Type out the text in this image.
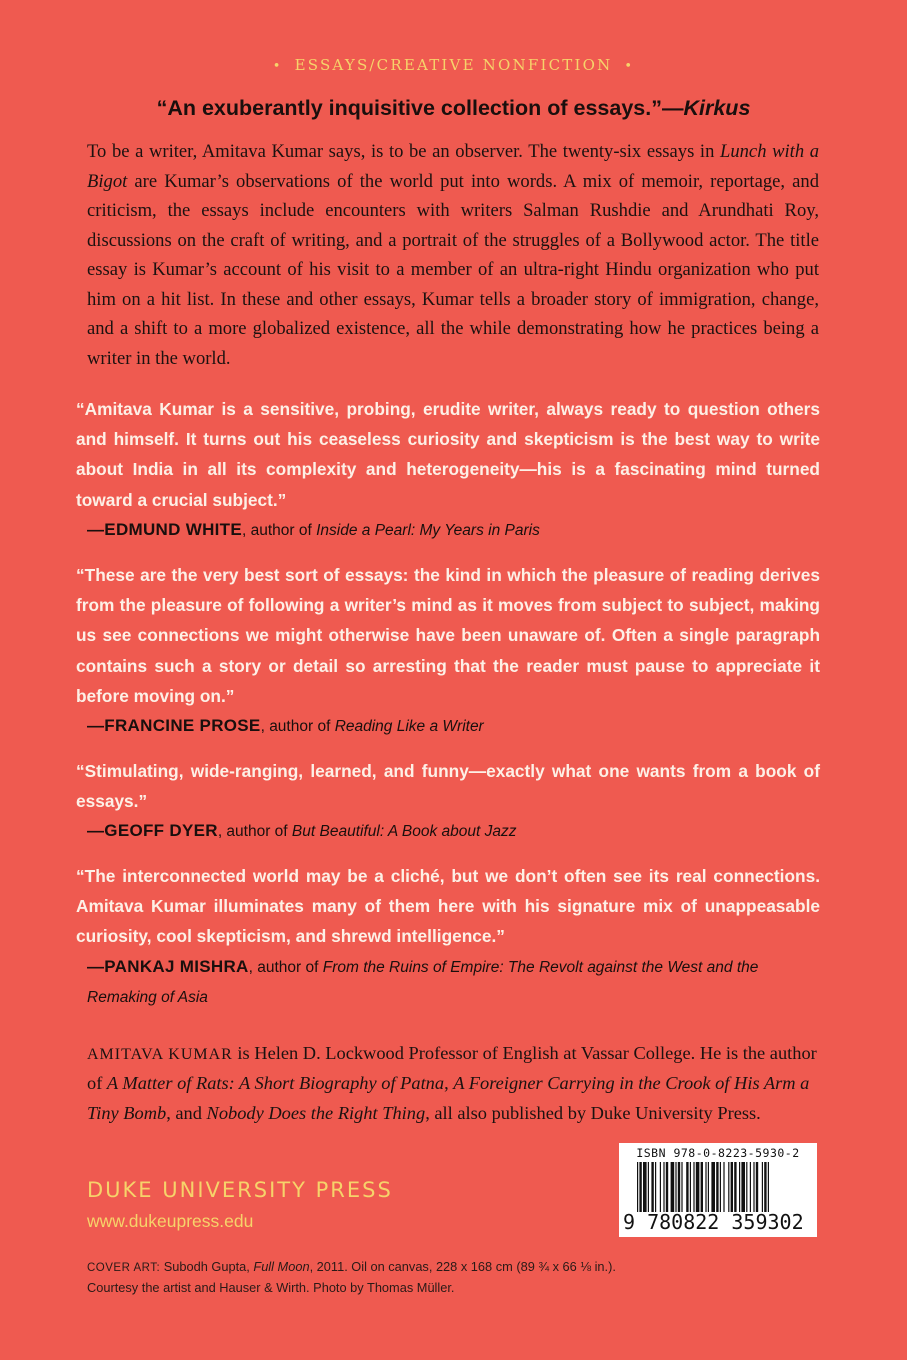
• ESSAYS/CREATIVE NONFICTION •
“An exuberantly inquisitive collection of essays.”—Kirkus
To be a writer, Amitava Kumar says, is to be an observer. The twenty-six essays in Lunch with a Bigot are Kumar’s observations of the world put into words. A mix of memoir, reportage, and criticism, the essays include encounters with writers Salman Rushdie and Arundhati Roy, discussions on the craft of writing, and a portrait of the struggles of a Bollywood actor. The title essay is Kumar’s account of his visit to a member of an ultra-right Hindu organization who put him on a hit list. In these and other essays, Kumar tells a broader story of immigration, change, and a shift to a more globalized existence, all the while demonstrating how he practices being a writer in the world.
“Amitava Kumar is a sensitive, probing, erudite writer, always ready to question others and himself. It turns out his ceaseless curiosity and skepticism is the best way to write about India in all its complexity and heterogeneity—his is a fascinating mind turned toward a crucial subject.”
—EDMUND WHITE, author of Inside a Pearl: My Years in Paris
“These are the very best sort of essays: the kind in which the pleasure of reading derives from the pleasure of following a writer’s mind as it moves from subject to subject, making us see connections we might otherwise have been unaware of. Often a single paragraph contains such a story or detail so arresting that the reader must pause to appreciate it before moving on.”
—FRANCINE PROSE, author of Reading Like a Writer
“Stimulating, wide-ranging, learned, and funny—exactly what one wants from a book of essays.”
—GEOFF DYER, author of But Beautiful: A Book about Jazz
“The interconnected world may be a cliché, but we don’t often see its real connections. Amitava Kumar illuminates many of them here with his signature mix of unappeasable curiosity, cool skepticism, and shrewd intelligence.”
—PANKAJ MISHRA, author of From the Ruins of Empire: The Revolt against the West and the Remaking of Asia
AMITAVA KUMAR is Helen D. Lockwood Professor of English at Vassar College. He is the author of A Matter of Rats: A Short Biography of Patna, A Foreigner Carrying in the Crook of His Arm a Tiny Bomb, and Nobody Does the Right Thing, all also published by Duke University Press.
DUKE UNIVERSITY PRESS
www.dukeupress.edu
ISBN 978-0-8223-5930-2
9 780822 359302
COVER ART: Subodh Gupta, Full Moon, 2011. Oil on canvas, 228 x 168 cm (89 ¾ x 66 ⅛ in.).
Courtesy the artist and Hauser & Wirth. Photo by Thomas Müller.
